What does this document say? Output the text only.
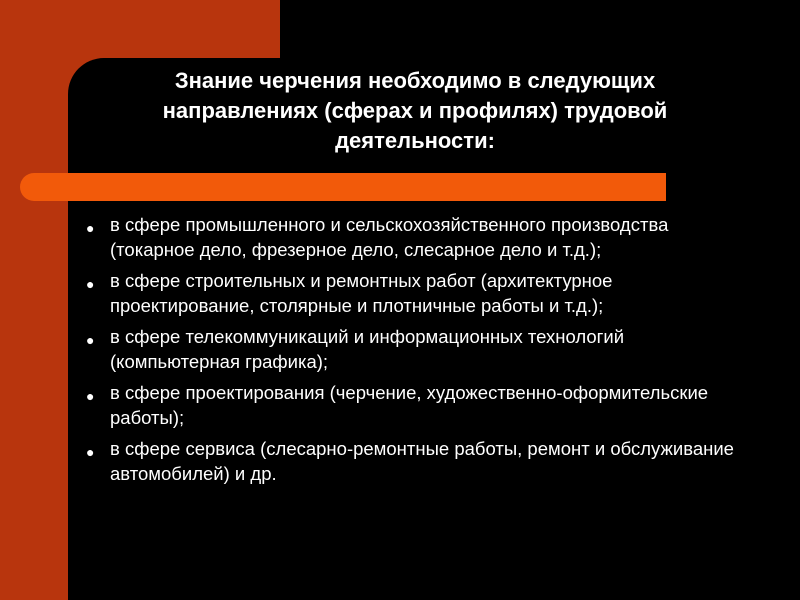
Знание черчения необходимо в следующих направлениях (сферах и профилях) трудовой деятельности:
● в сфере промышленного и сельскохозяйственного производства (токарное дело, фрезерное дело, слесарное дело и т.д.);
● в сфере строительных и ремонтных работ (архитектурное проектирование, столярные и плотничные работы и т.д.);
● в сфере телекоммуникаций и информационных технологий (компьютерная графика);
● в сфере проектирования (черчение, художественно-оформительские работы);
● в сфере сервиса (слесарно-ремонтные работы, ремонт и обслуживание автомобилей) и др.
